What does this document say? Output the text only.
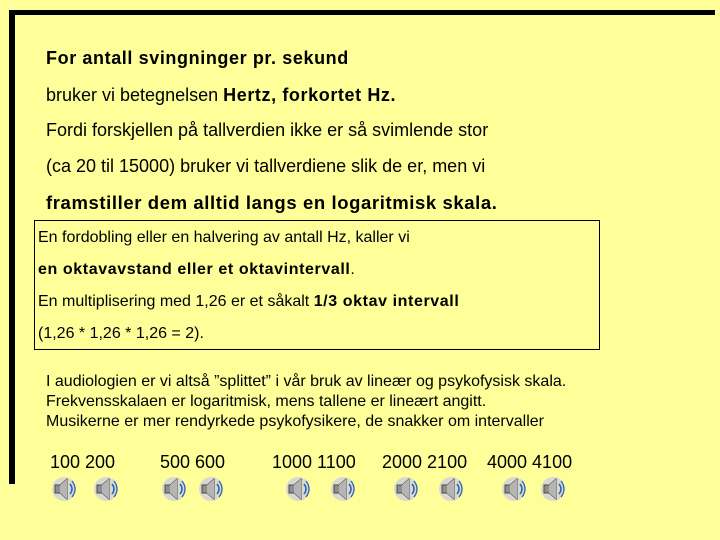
For antall svingninger pr. sekund
bruker vi betegnelsen Hertz, forkortet Hz.
Fordi forskjellen på tallverdien ikke er så svimlende stor
(ca 20 til 15000) bruker vi tallverdiene slik de er, men vi
framstiller dem alltid langs en logaritmisk skala.
En fordobling eller en halvering av antall Hz, kaller vi
en oktavavstand eller et oktavintervall.
En multiplisering med 1,26 er et såkalt 1/3 oktav intervall
(1,26 * 1,26 * 1,26 = 2).
I audiologien er vi altså ”splittet” i vår bruk av lineær og psykofysisk skala.
Frekvensskalaen er logaritmisk, mens tallene er lineært angitt.
Musikerne er mer rendyrkede psykofysikere, de snakker om intervaller
100 200 500 600	1000 1100 2000 2100 4000 4100
